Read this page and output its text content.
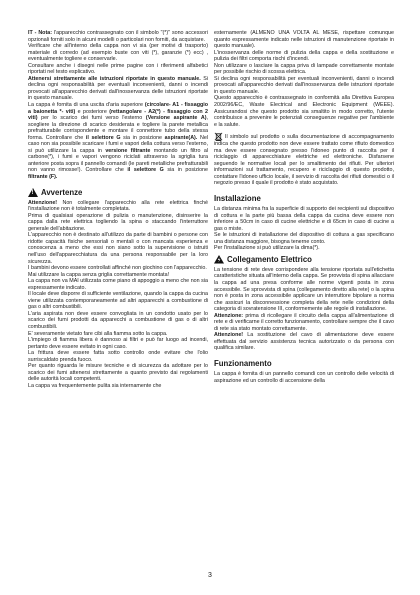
IT - Nota: l'apparecchio contrassegnato con il simbolo "(*)" sono accessori opzionali forniti solo in alcuni modelli o particolari non forniti, da acquistare.

Verificare che all'interno della cappa non vi sia (per motivi di trasporto) materiale di corredo (ad esempio buste con viti (*), garanzie (*) ecc) , eventualmente togliere e conservarle.

Consultare anche i disegni nelle prime pagine con i riferimenti alfabetici riportati nel testo esplicativo.

Attenersi strettamente alle istruzioni riportate in questo manuale. Si declina ogni responsabilità per eventuali inconvenienti, danni o incendi provocati all'apparecchio derivati dall'inosservanza delle istruzioni riportate in questo manuale.

La cappa è fornita di una uscita d'aria superiore (circolare- A1 - fissaggio a baionetta *- viti) e posteriore (rettangolare - A2(*) - fissaggio con 2 viti) per lo scarico dei fumi verso l'esterno (Versione aspirante A), scegliere la direzione di scarico desiderata e togliere la parete metallica prefratturabile corrispondente e montare il connettore tubo della stessa forma. Controllare che il selettore G sia in posizione aspirante(A). Nel caso non sia possibile scaricare i fumi e vapori della cottura verso l'esterno, si può utilizzare la cappa in versione filtrante montando un filtro al carbone(*), i fumi e vapori vengono riciclati attraverso la sgriglia tura anteriore posta sopra il pannello comandi (le pareti metalliche prefratturabili non vanno rimosse!). Controllare che il selettore G sia in posizione filtrante (F).

!
Avvertenze

Attenzione! Non collegare l'apparecchio alla rete elettrica finché l'installazione non è totalmente completata.

Prima di qualsiasi operazione di pulizia o manutenzione, disinserire la cappa dalla rete elettrica togliendo la spina o staccando l'interruttore generale dell'abitazione.

L'apparecchio non è destinato all'utilizzo da parte di bambini o persone con ridotte capacità fisiche sensoriali o mentali o con mancata esperienza e conoscenza a meno che essi non siano sotto la supervisione o istruiti nell'uso dell'apparecchiatura da una persona responsabile per la loro sicurezza.

I bambini devono essere controllati affinché non giochino con l'apparecchio.

Mai utilizzare la cappa senza griglia correttamente montata!

La cappa non va MAI utilizzata come piano di appoggio a meno che non sia espressamente indicato.

Il locale deve disporre di sufficiente ventilazione, quando la cappa da cucina viene utilizzata contemporaneamente ad altri apparecchi a combustione di gas o altri combustibili.

L'aria aspirata non deve essere convogliata in un condotto usato per lo scarico dei fumi prodotti da apparecchi a combustione di gas o di altri combustibili.

E' severamente vietato fare cibi alla fiamma sotto la cappa.

L'impiego di fiamma libera è dannoso ai filtri e può far luogo ad incendi, pertanto deve essere evitato in ogni caso.

La frittura deve essere fatta sotto controllo onde evitare che l'olio surriscaldato prenda fuoco.

Per quanto riguarda le misure tecniche e di sicurezza da adottare per lo scarico dei fumi attenersi strettamente a quanto previsto dai regolamenti delle autorità locali competenti.

La cappa va frequentemente pulita sia internamente che

esternamente (ALMENO UNA VOLTA AL MESE, rispettare comunque quanto espressamente indicato nelle istruzioni di manutenzione riportate in questo manuale).

L'inosservanza delle norme di pulizia della cappa e della sostituzione e pulizia dei filtri comporta rischi d'incendi.

Non utilizzare o lasciare la cappa priva di lampade correttamente montate per possibile rischio di scossa elettrica.

Si declina ogni responsabilità per eventuali inconvenienti, danni o incendi provocati all'apparecchio derivati dall'inosservanza delle istruzioni riportate in questo manuale.

Questo apparecchio è contrassegnato in conformità alla Direttiva Europea 2002/96/EC, Waste Electrical and Electronic Equipment (WEEE). Assicurandosi che questo prodotto sia smaltito in modo corretto, l'utente contribuisce a prevenire le potenziali conseguenze negative per l'ambiente e la salute.

Il simbolo sul prodotto o sulla documentazione di accompagnamento indica che questo prodotto non deve essere trattato come rifiuto domestico ma deve essere consegnato presso l'idoneo punto di raccolta per il riciclaggio di apparecchiature elettriche ed elettroniche. Disfarsene seguendo le normative locali per lo smaltimento dei rifiuti. Per ulteriori informazioni sul trattamento, recupero e riciclaggio di questo prodotto, contattare l'idoneo ufficio locale, il servizio di raccolta dei rifiuti domestici o il negozio presso il quale il prodotto è stato acquistato.

Installazione

La distanza minima fra la superficie di supporto dei recipienti sul dispositivo di cottura e la parte più bassa della cappa da cucina deve essere non inferiore a 50cm in caso di cucine elettriche e di 65cm in caso di cucine a gas o miste.

Se le istruzioni di installazione del dispositivo di cottura a gas specificano una distanza maggiore, bisogna tenerne conto.

Per l'installazione si può utilizzare la dima(*).

Collegamento Elettrico

La tensione di rete deve corrispondere alla tensione riportata sull'etichetta caratteristiche situata all'interno della cappa. Se provvista di spina allacciare la cappa ad una presa conforme alle norme vigenti posta in zona accessibile. Se sprovvista di spina (collegamento diretto alla rete) o la spina non è posta in zona accessibile applicare un interruttore bipolare a norma che assicuri la disconnessione completa della rete nelle condizioni della categoria di sovratensione III, conformemente alle regole di installazione.

Attenzione: prima di ricollegare il circuito della cappa all'alimentazione di rete e di verificarne il corretto funzionamento, controllare sempre che il cavo di rete sia stato montato correttamente.

Attenzione! La sostituzione del cavo di alimentazione deve essere effettuata dal servizio assistenza tecnica autorizzato o da persona con qualifica similare.

Funzionamento

La cappa è fornita di un pannello comandi con un controllo delle velocità di aspirazione ed un controllo di accensione della

3
